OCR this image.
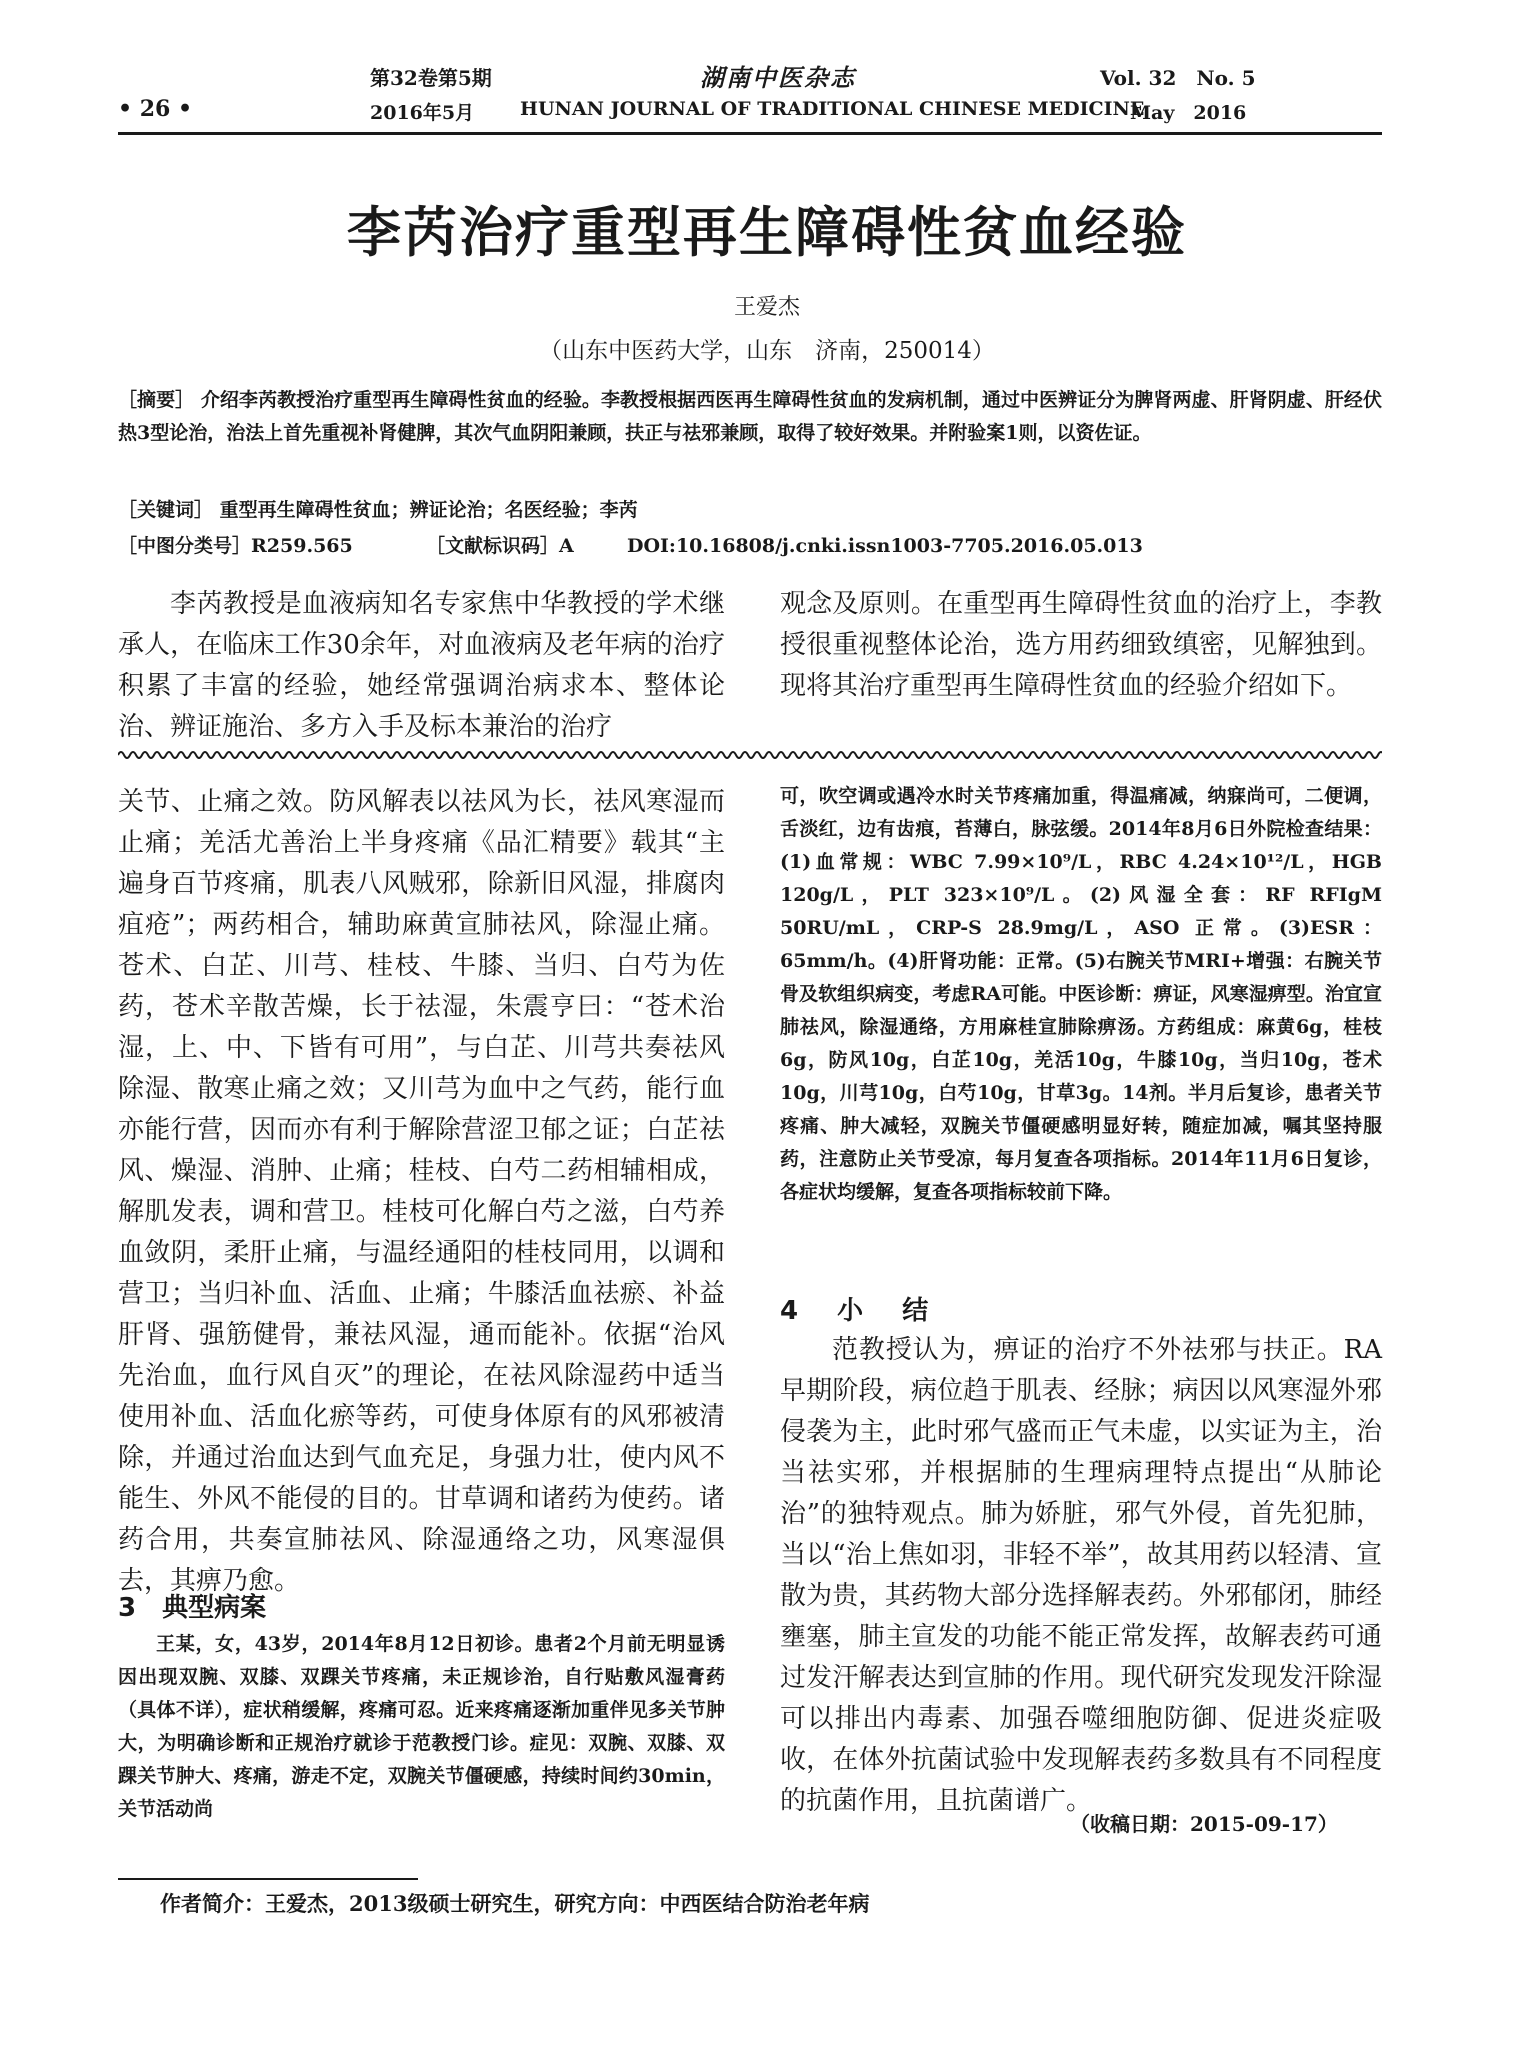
第32卷第5期	湖南中医杂志	Vol. 32　No. 5
• 26 •	2016年5月 HUNAN JOURNAL OF TRADITIONAL CHINESE MEDICINE
May　2016
李芮治疗重型再生障碍性贫血经验
王爱杰
（山东中医药大学，山东　济南，250014）
［摘要］ 介绍李芮教授治疗重型再生障碍性贫血的经验。李教授根据西医再生障碍性贫血的发病机制，通过中医辨证分为脾肾两虚、肝肾阴虚、肝经伏热3型论治，治法上首先重视补肾健脾，其次气血阴阳兼顾，扶正与祛邪兼顾，取得了较好效果。并附验案1则，以资佐证。
［关键词］ 重型再生障碍性贫血；辨证论治；名医经验；李芮
［中图分类号］R259.565	［文献标识码］A	DOI:10.16808/j.cnki.issn1003-7705.2016.05.013
李芮教授是血液病知名专家焦中华教授的学术继承人，在临床工作30余年，对血液病及老年病的治疗积累了丰富的经验，她经常强调治病求本、整体论治、辨证施治、多方入手及标本兼治的治疗
观念及原则。在重型再生障碍性贫血的治疗上，李教授很重视整体论治，选方用药细致缜密，见解独到。现将其治疗重型再生障碍性贫血的经验介绍如下。
关节、止痛之效。防风解表以祛风为长，祛风寒湿而止痛；羌活尤善治上半身疼痛《品汇精要》载其“主遍身百节疼痛，肌表八风贼邪，除新旧风湿，排腐肉疽疮”；两药相合，辅助麻黄宣肺祛风，除湿止痛。苍术、白芷、川芎、桂枝、牛膝、当归、白芍为佐药，苍术辛散苦燥，长于祛湿，朱震亨曰：“苍术治湿，上、中、下皆有可用”，与白芷、川芎共奏祛风除湿、散寒止痛之效；又川芎为血中之气药，能行血亦能行营，因而亦有利于解除营涩卫郁之证；白芷祛风、燥湿、消肿、止痛；桂枝、白芍二药相辅相成，解肌发表，调和营卫。桂枝可化解白芍之滋，白芍养血敛阴，柔肝止痛，与温经通阳的桂枝同用，以调和营卫；当归补血、活血、止痛；牛膝活血祛瘀、补益肝肾、强筋健骨，兼祛风湿，通而能补。依据“治风先治血，血行风自灭”的理论，在祛风除湿药中适当使用补血、活血化瘀等药，可使身体原有的风邪被清除，并通过治血达到气血充足，身强力壮，使内风不能生、外风不能侵的目的。甘草调和诸药为使药。诸药合用，共奏宣肺祛风、除湿通络之功，风寒湿俱去，其痹乃愈。
3　典型病案
王某，女，43岁，2014年8月12日初诊。患者2个月前无明显诱因出现双腕、双膝、双踝关节疼痛，未正规诊治，自行贴敷风湿膏药（具体不详），症状稍缓解，疼痛可忍。近来疼痛逐渐加重伴见多关节肿大，为明确诊断和正规治疗就诊于范教授门诊。症见：双腕、双膝、双踝关节肿大、疼痛，游走不定，双腕关节僵硬感，持续时间约30min，关节活动尚
可，吹空调或遇冷水时关节疼痛加重，得温痛减，纳寐尚可，二便调，舌淡红，边有齿痕，苔薄白，脉弦缓。2014年8月6日外院检查结果：(1)血常规：WBC 7.99×10⁹/L，RBC 4.24×10¹²/L，HGB 120g/L，PLT 323×10⁹/L。(2)风湿全套：RF RFIgM 50RU/mL，CRP-S 28.9mg/L，ASO 正常。(3)ESR：65mm/h。(4)肝肾功能：正常。(5)右腕关节MRI+增强：右腕关节骨及软组织病变，考虑RA可能。中医诊断：痹证，风寒湿痹型。治宜宣肺祛风，除湿通络，方用麻桂宣肺除痹汤。方药组成：麻黄6g，桂枝6g，防风10g，白芷10g，羌活10g，牛膝10g，当归10g，苍术10g，川芎10g，白芍10g，甘草3g。14剂。半月后复诊，患者关节疼痛、肿大减轻，双腕关节僵硬感明显好转，随症加减，嘱其坚持服药，注意防止关节受凉，每月复查各项指标。2014年11月6日复诊，各症状均缓解，复查各项指标较前下降。
4 小 结
范教授认为，痹证的治疗不外祛邪与扶正。RA早期阶段，病位趋于肌表、经脉；病因以风寒湿外邪侵袭为主，此时邪气盛而正气未虚，以实证为主，治当祛实邪，并根据肺的生理病理特点提出“从肺论治”的独特观点。肺为娇脏，邪气外侵，首先犯肺，当以“治上焦如羽，非轻不举”，故其用药以轻清、宣散为贵，其药物大部分选择解表药。外邪郁闭，肺经壅塞，肺主宣发的功能不能正常发挥，故解表药可通过发汗解表达到宣肺的作用。现代研究发现发汗除湿可以排出内毒素、加强吞噬细胞防御、促进炎症吸收，在体外抗菌试验中发现解表药多数具有不同程度的抗菌作用，且抗菌谱广。
（收稿日期：2015-09-17）
作者简介：王爱杰，2013级硕士研究生，研究方向：中西医结合防治老年病
